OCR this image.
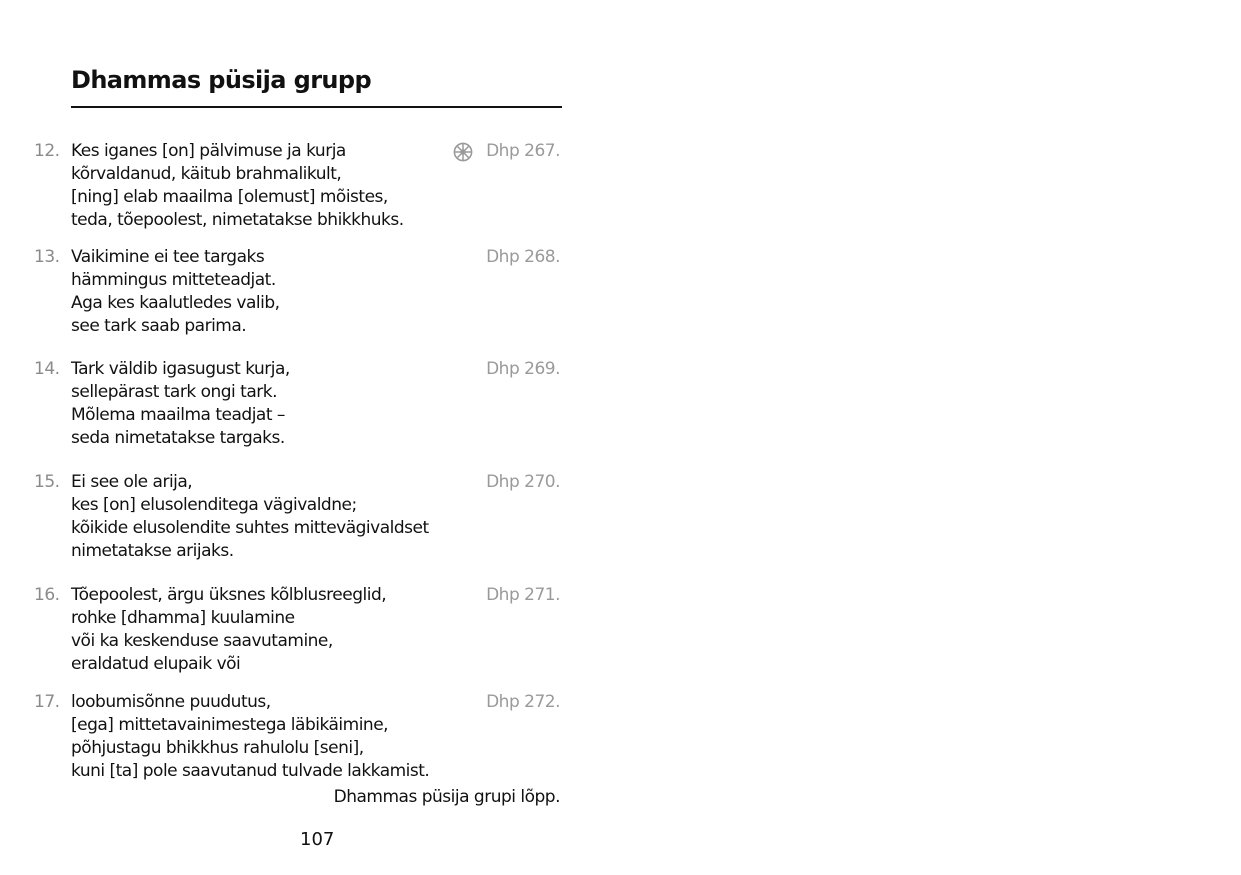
Dhammas püsija grupp
12. Kes iganes [on] pälvimuse ja kurja
kõrvaldanud, käitub brahmalikult,
[ning] elab maailma [olemust] mõistes,
teda, tõepoolest, nimetatakse bhikkhuks.
Dhp 267.
13. Vaikimine ei tee targaks
hämmingus mitteteadjat.
Aga kes kaalutledes valib,
see tark saab parima.
Dhp 268.
14. Tark väldib igasugust kurja,
sellepärast tark ongi tark.
Mõlema maailma teadjat –
seda nimetatakse targaks.
Dhp 269.
15. Ei see ole arija,
kes [on] elusolenditega vägivaldne;
kõikide elusolendite suhtes mittevägivaldset
nimetatakse arijaks.
Dhp 270.
16. Tõepoolest, ärgu üksnes kõlblusreeglid,
rohke [dhamma] kuulamine
või ka keskenduse saavutamine,
eraldatud elupaik või
Dhp 271.
17. loobumisõnne puudutus,
[ega] mittetavainimestega läbikäimine,
põhjustagu bhikkhus rahulolu [seni],
kuni [ta] pole saavutanud tulvade lakkamist.
Dhp 272.
Dhammas püsija grupi lõpp.
107
